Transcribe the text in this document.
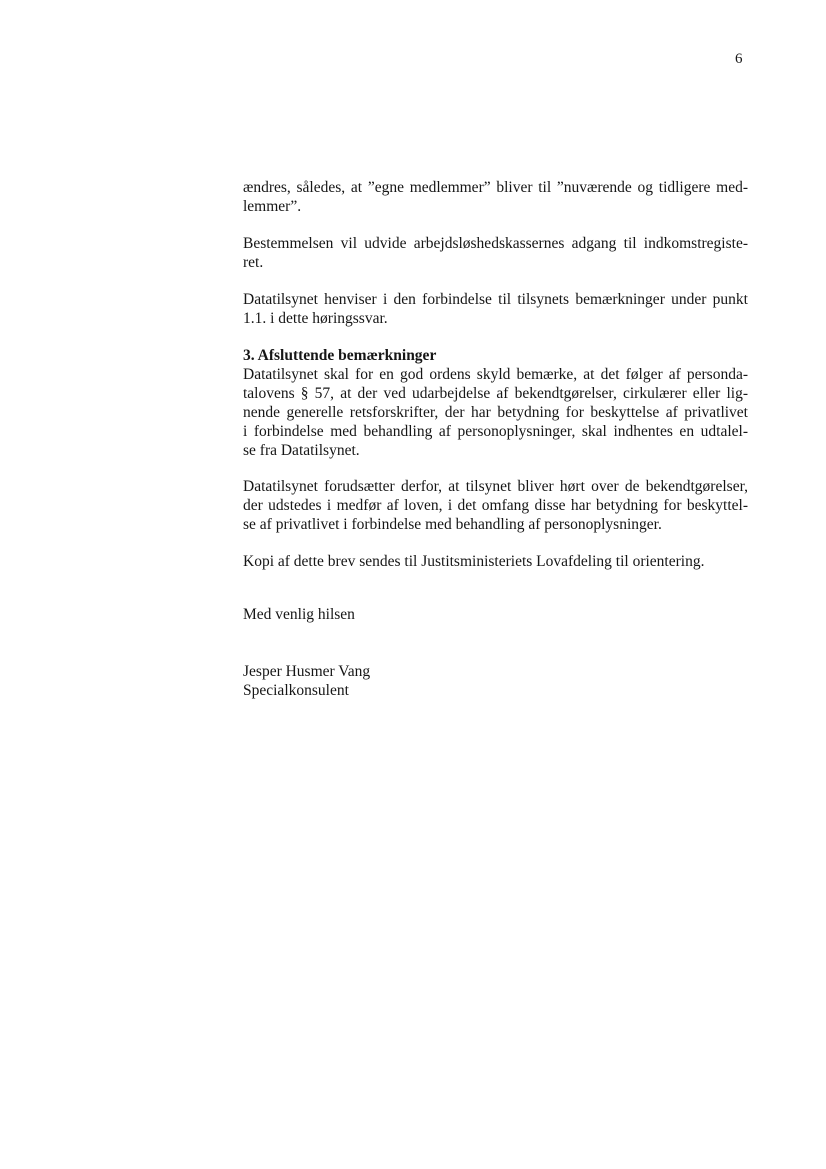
6
ændres, således, at ”egne medlemmer” bliver til ”nuværende og tidligere med-
lemmer”.
Bestemmelsen vil udvide arbejdsløshedskassernes adgang til indkomstregiste-
ret.
Datatilsynet henviser i den forbindelse til tilsynets bemærkninger under punkt
1.1. i dette høringssvar.
3. Afsluttende bemærkninger
Datatilsynet skal for en god ordens skyld bemærke, at det følger af personda-
talovens § 57, at der ved udarbejdelse af bekendtgørelser, cirkulærer eller lig-
nende generelle retsforskrifter, der har betydning for beskyttelse af privatlivet
i forbindelse med behandling af personoplysninger, skal indhentes en udtalel-
se fra Datatilsynet.
Datatilsynet forudsætter derfor, at tilsynet bliver hørt over de bekendtgørelser,
der udstedes i medfør af loven, i det omfang disse har betydning for beskyttel-
se af privatlivet i forbindelse med behandling af personoplysninger.
Kopi af dette brev sendes til Justitsministeriets Lovafdeling til orientering.
Med venlig hilsen
Jesper Husmer Vang
Specialkonsulent
